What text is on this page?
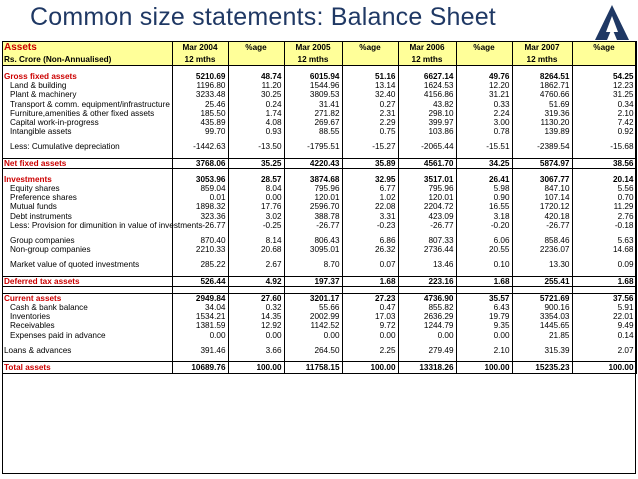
Common size statements: Balance Sheet
Assets	Mar 2004	%age	Mar 2005	%age	Mar 2006	%age	Mar 2007	%age
Rs. Crore (Non-Annualised)	12 mths		12 mths		12 mths		12 mths	

Gross fixed assets	5210.69	48.74	6015.94	51.16	6627.14	49.76	8264.51	54.25
Land & building	1196.80	11.20	1544.96	13.14	1624.53	12.20	1862.71	12.23
Plant & machinery	3233.48	30.25	3809.53	32.40	4156.86	31.21	4760.66	31.25
Transport & comm. equipment/infrastructure	25.46	0.24	31.41	0.27	43.82	0.33	51.69	0.34
Furniture,amenities & other fixed assets	185.50	1.74	271.82	2.31	298.10	2.24	319.36	2.10
Capital work-in-progress	435.89	4.08	269.67	2.29	399.97	3.00	1130.20	7.42
Intangible assets	99.70	0.93	88.55	0.75	103.86	0.78	139.89	0.92

Less: Cumulative depreciation	-1442.63	-13.50	-1795.51	-15.27	-2065.44	-15.51	-2389.54	-15.68

Net fixed assets	3768.06	35.25	4220.43	35.89	4561.70	34.25	5874.97	38.56

Investments	3053.96	28.57	3874.68	32.95	3517.01	26.41	3067.77	20.14
Equity shares	859.04	8.04	795.96	6.77	795.96	5.98	847.10	5.56
Preference shares	0.01	0.00	120.01	1.02	120.01	0.90	107.14	0.70
Mutual funds	1898.32	17.76	2596.70	22.08	2204.72	16.55	1720.12	11.29
Debt instruments	323.36	3.02	388.78	3.31	423.09	3.18	420.18	2.76
Less: Provision for dimunition in value of investments	-26.77	-0.25	-26.77	-0.23	-26.77	-0.20	-26.77	-0.18

Group companies	870.40	8.14	806.43	6.86	807.33	6.06	858.46	5.63
Non-group companies	2210.33	20.68	3095.01	26.32	2736.44	20.55	2236.07	14.68

Market value of quoted investments	285.22	2.67	8.70	0.07	13.46	0.10	13.30	0.09

Deferred tax assets	526.44	4.92	197.37	1.68	223.16	1.68	255.41	1.68

Current assets	2949.84	27.60	3201.17	27.23	4736.90	35.57	5721.69	37.56
Cash & bank balance	34.04	0.32	55.66	0.47	855.82	6.43	900.16	5.91
Inventories	1534.21	14.35	2002.99	17.03	2636.29	19.79	3354.03	22.01
Receivables	1381.59	12.92	1142.52	9.72	1244.79	9.35	1445.65	9.49
Expenses paid in advance	0.00	0.00	0.00	0.00	0.00	0.00	21.85	0.14

Loans & advances	391.46	3.66	264.50	2.25	279.49	2.10	315.39	2.07

Total assets	10689.76	100.00	11758.15	100.00	13318.26	100.00	15235.23	100.00
